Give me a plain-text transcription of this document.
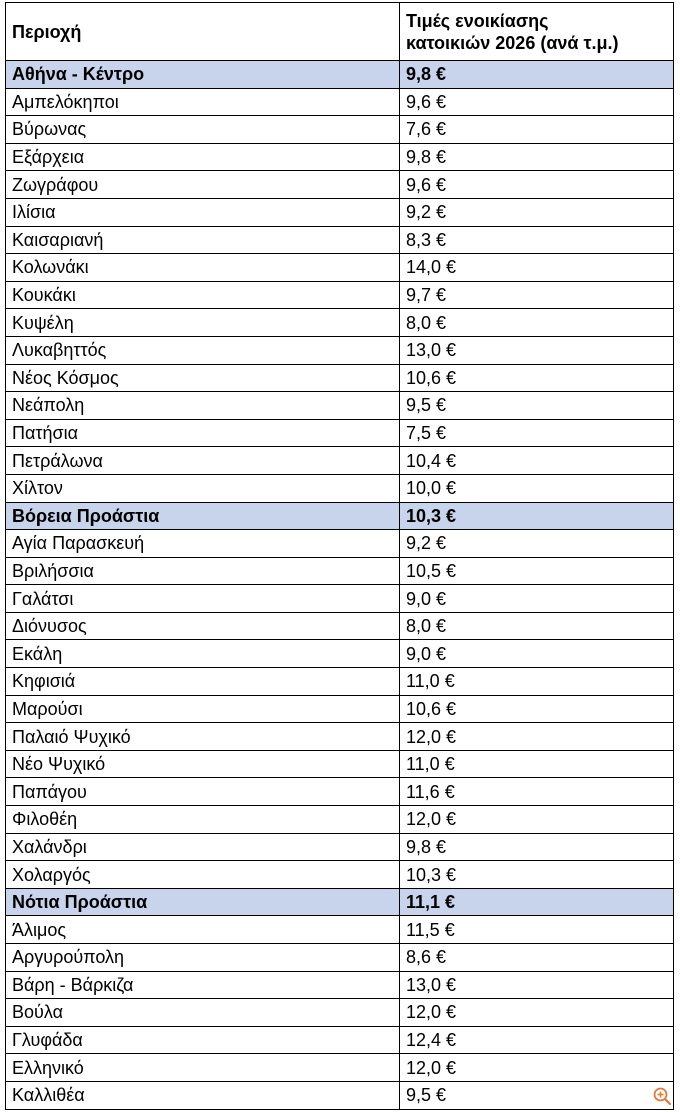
Περιοχή	Τιμές ενοικίασης
κατοικιών 2026 (ανά τ.μ.)
Αθήνα - Κέντρο	9,8 €
Αμπελόκηποι	9,6 €
Βύρωνας	7,6 €
Εξάρχεια	9,8 €
Ζωγράφου	9,6 €
Ιλίσια	9,2 €
Καισαριανή	8,3 €
Κολωνάκι	14,0 €
Κουκάκι	9,7 €
Κυψέλη	8,0 €
Λυκαβηττός	13,0 €
Νέος Κόσμος	10,6 €
Νεάπολη	9,5 €
Πατήσια	7,5 €
Πετράλωνα	10,4 €
Χίλτον	10,0 €
Βόρεια Προάστια	10,3 €
Αγία Παρασκευή	9,2 €
Βριλήσσια	10,5 €
Γαλάτσι	9,0 €
Διόνυσος	8,0 €
Εκάλη	9,0 €
Κηφισιά	11,0 €
Μαρούσι	10,6 €
Παλαιό Ψυχικό	12,0 €
Νέο Ψυχικό	11,0 €
Παπάγου	11,6 €
Φιλοθέη	12,0 €
Χαλάνδρι	9,8 €
Χολαργός	10,3 €
Νότια Προάστια	11,1 €
Άλιμος	11,5 €
Αργυρούπολη	8,6 €
Βάρη - Βάρκιζα	13,0 €
Βούλα	12,0 €
Γλυφάδα	12,4 €
Ελληνικό	12,0 €
Καλλιθέα	9,5 €
